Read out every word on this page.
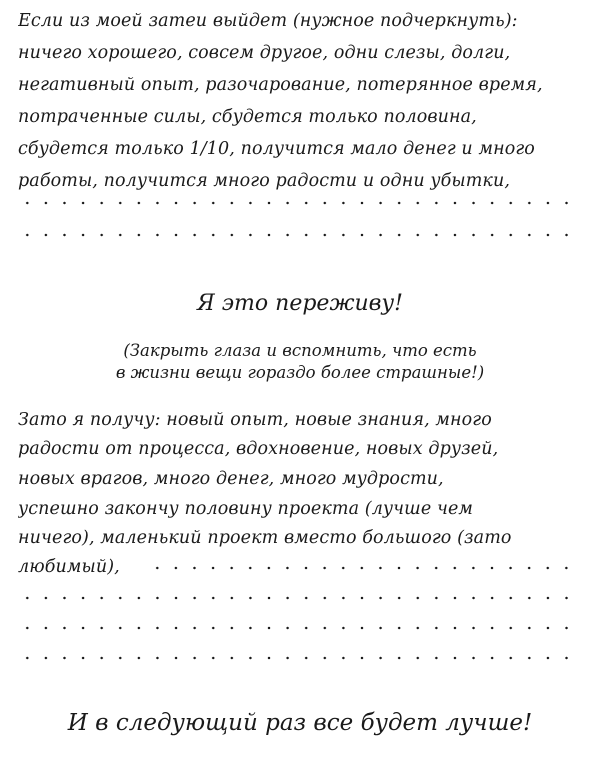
Если из моей затеи выйдет (нужное подчеркнуть):
ничего хорошего, совсем другое, одни слезы, долги,
негативный опыт, разочарование, потерянное время,
потраченные силы, сбудется только половина,
сбудется только 1/10, получится мало денег и много
работы, получится много радости и одни убытки,
Я это переживу!
(Закрыть глаза и вспомнить, что есть
в жизни вещи гораздо более страшные!)
Зато я получу: новый опыт, новые знания, много
радости от процесса, вдохновение, новых друзей,
новых врагов, много денег, много мудрости,
успешно закончу половину проекта (лучше чем
ничего), маленький проект вместо большого (зато
любимый),
И в следующий раз все будет лучше!
